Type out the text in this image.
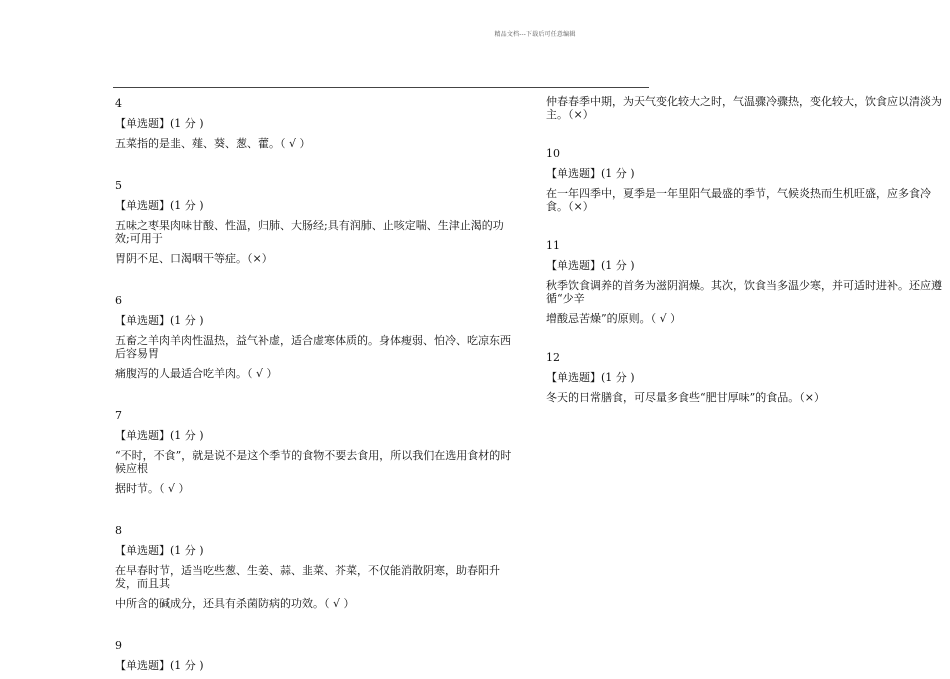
精品文档---下载后可任意编辑
4
【单选题】(1 分 )

五菜指的是韭、薤、葵、葱、藿。（ √ ）

5
【单选题】(1 分 )

五味之枣果肉味甘酸、性温，归肺、大肠经;具有润肺、止咳定喘、生津止渴的功效;可用于

胃阴不足、口渴咽干等症。（×）

6
【单选题】(1 分 )

五畜之羊肉羊肉性温热，益气补虚，适合虚寒体质的。身体瘦弱、怕冷、吃凉东西后容易胃

痛腹泻的人最适合吃羊肉。（ √ ）

7
【单选题】(1 分 )

“不时，不食”，就是说不是这个季节的食物不要去食用，所以我们在选用食材的时候应根

据时节。（ √ ）

8
【单选题】(1 分 )

在早春时节，适当吃些葱、生姜、蒜、韭菜、芥菜，不仅能消散阴寒，助春阳升发，而且其

中所含的碱成分，还具有杀菌防病的功效。（ √ ）

9
【单选题】(1 分 )

仲春春季中期，为天气变化较大之时，气温骤冷骤热，变化较大，饮食应以清淡为主。（×）

10
【单选题】(1 分 )

在一年四季中，夏季是一年里阳气最盛的季节，气候炎热而生机旺盛，应多食冷食。（×）

11
【单选题】(1 分 )

秋季饮食调养的首务为滋阴润燥。其次，饮食当多温少寒，并可适时进补。还应遵循“少辛

增酸忌苦燥”的原则。（ √ ）

12
【单选题】(1 分 )

冬天的日常膳食，可尽量多食些“肥甘厚味”的食品。（×）
